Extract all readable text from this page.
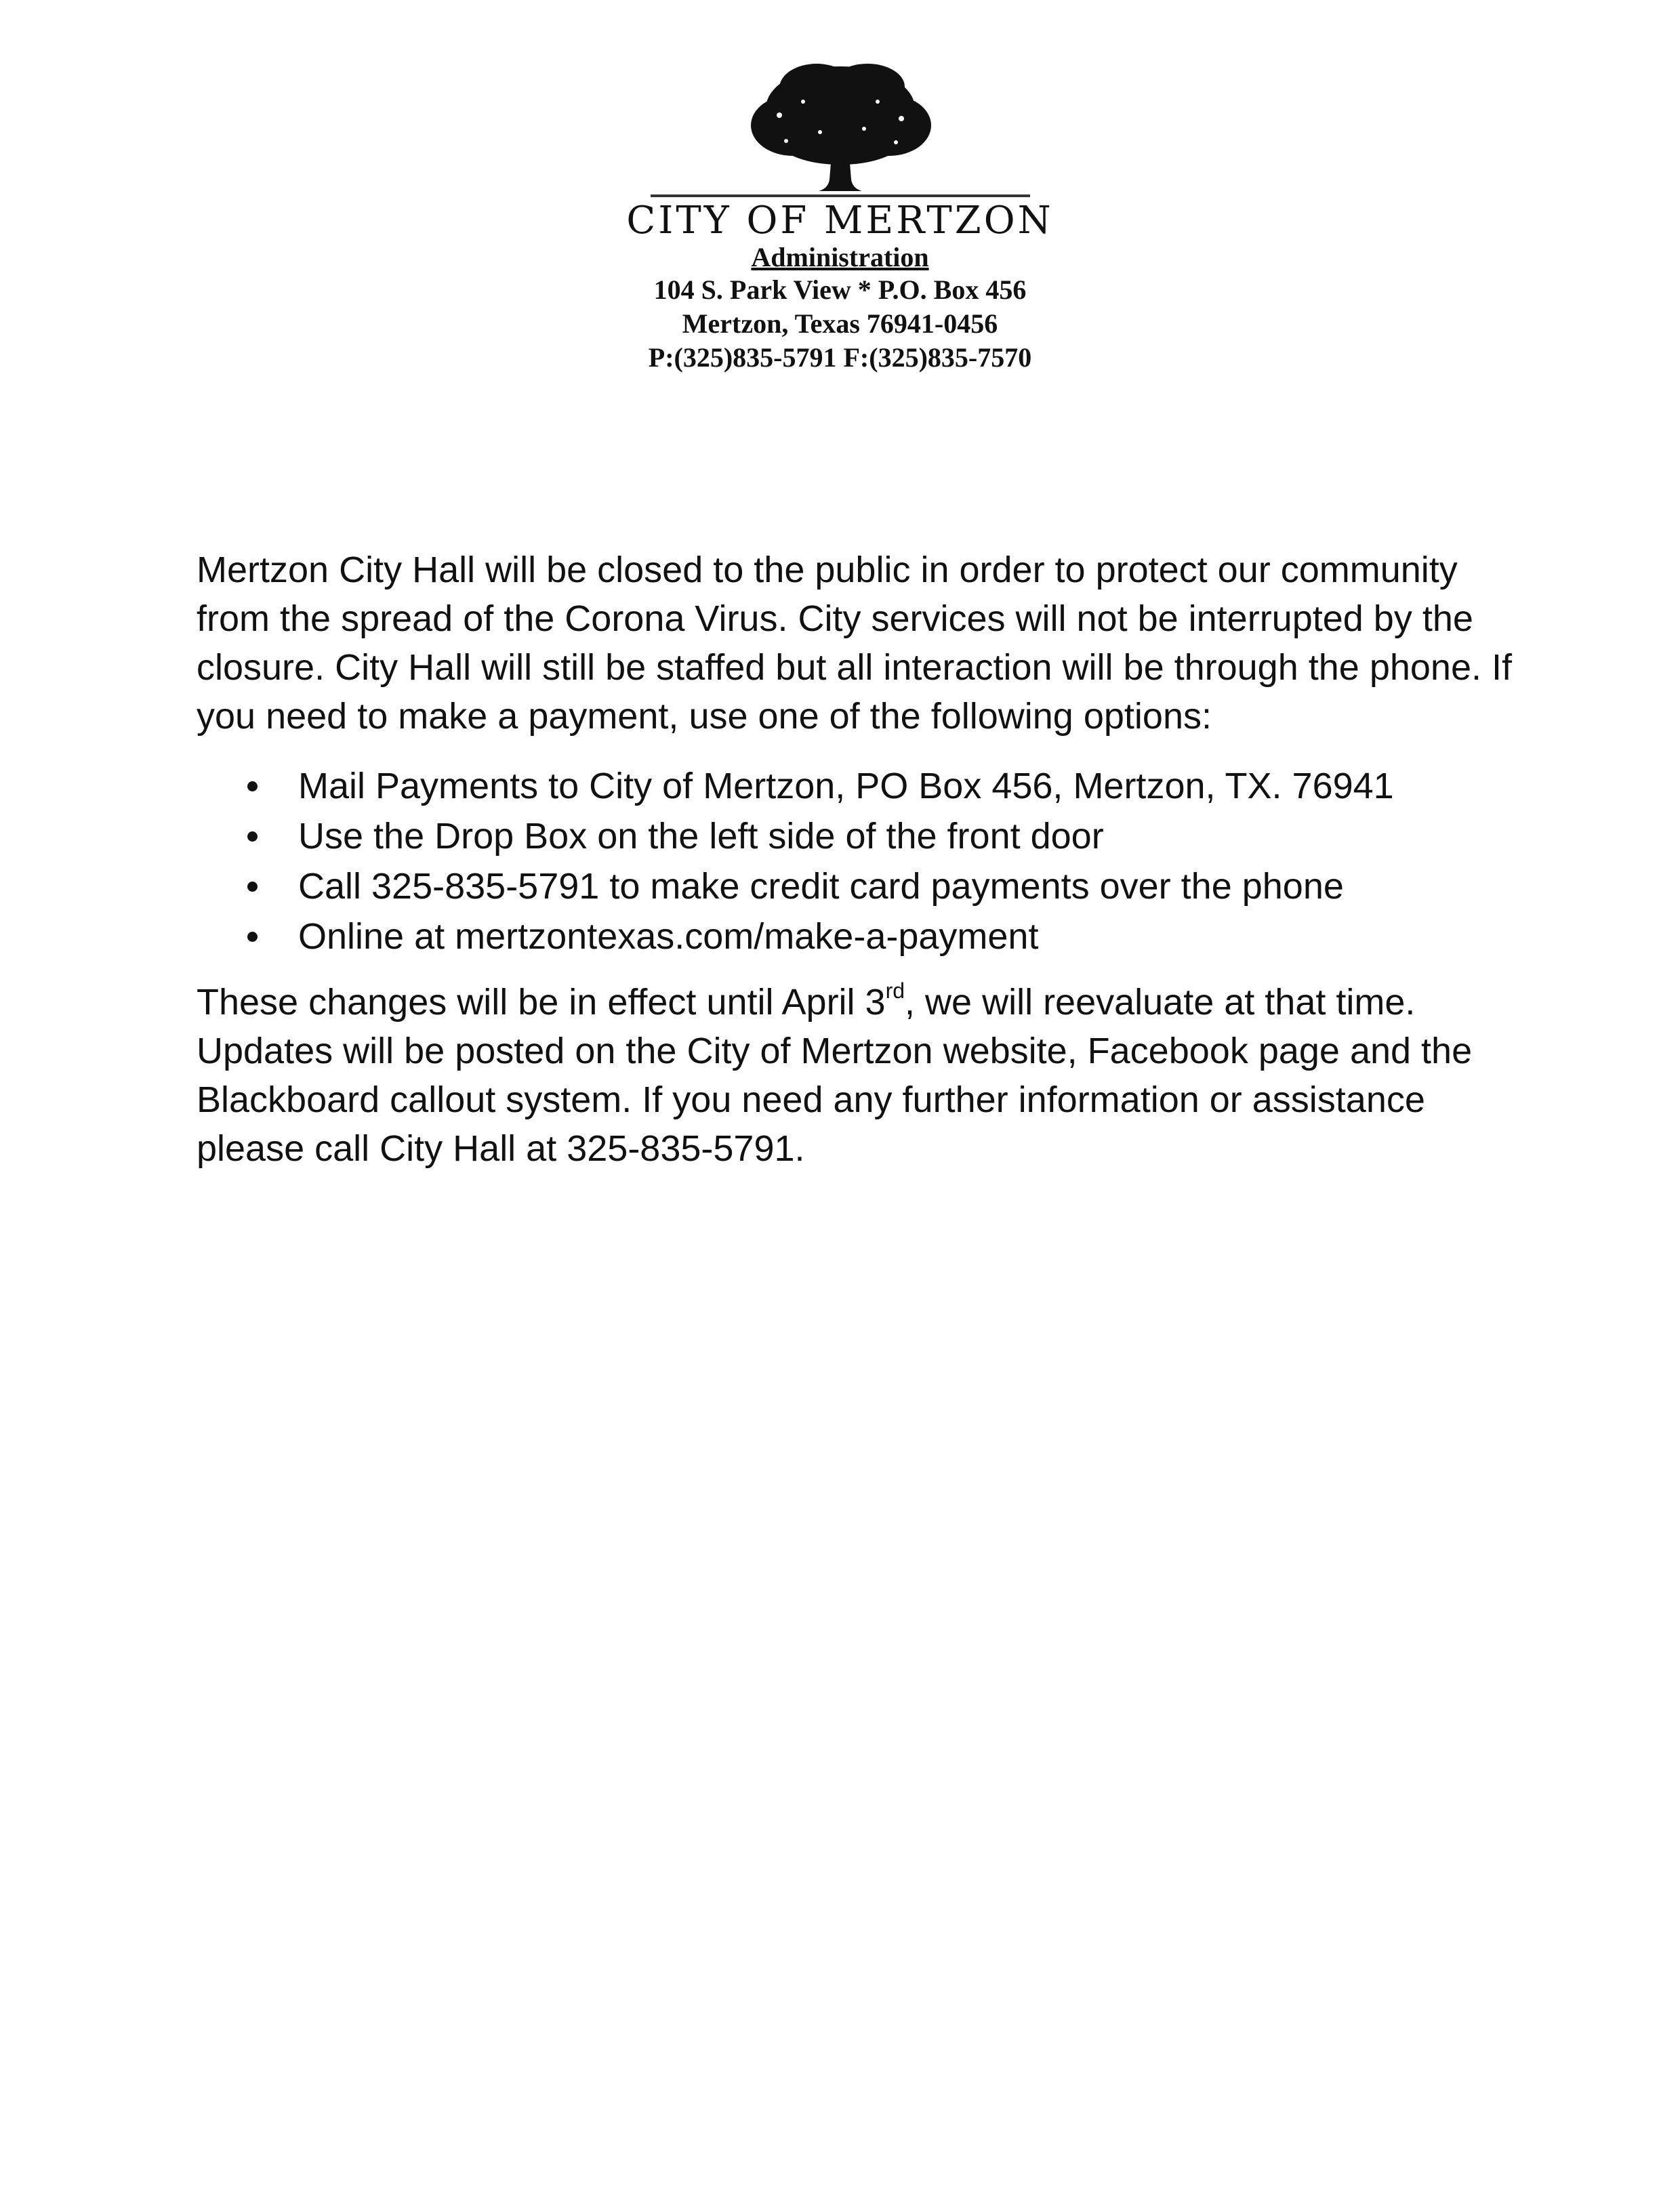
CITY OF MERTZON
Administration
104 S. Park View * P.O. Box 456
Mertzon, Texas 76941-0456
P:(325)835-5791 F:(325)835-7570

Mertzon City Hall will be closed to the public in order to protect our community from the spread of the Corona Virus. City services will not be interrupted by the closure. City Hall will still be staffed but all interaction will be through the phone. If you need to make a payment, use one of the following options:

Mail Payments to City of Mertzon, PO Box 456, Mertzon, TX. 76941
Use the Drop Box on the left side of the front door
Call 325-835-5791 to make credit card payments over the phone
Online at mertzontexas.com/make-a-payment

These changes will be in effect until April 3rd, we will reevaluate at that time. Updates will be posted on the City of Mertzon website, Facebook page and the Blackboard callout system. If you need any further information or assistance please call City Hall at 325-835-5791.
